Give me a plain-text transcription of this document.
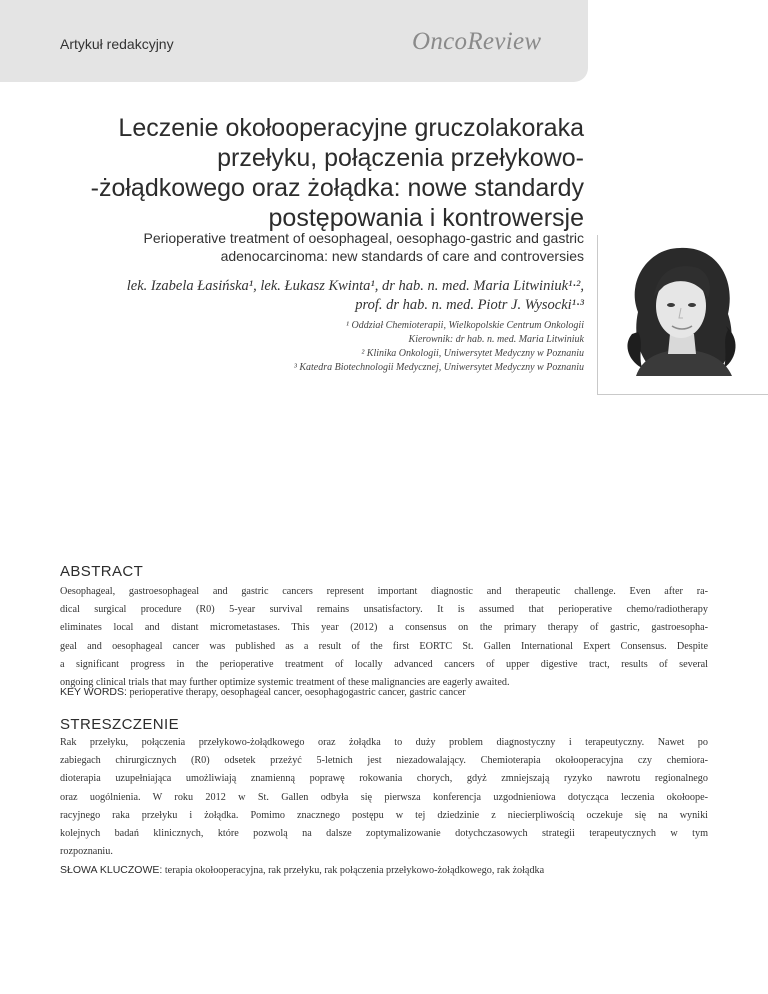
Artykuł redakcyjny	OncoReview
Leczenie okołooperacyjne gruczolakoraka
przełyku, połączenia przełykowo-
-żołądkowego oraz żołądka: nowe standardy
postępowania i kontrowersje
Perioperative treatment of oesophageal, oesophago-gastric and gastric
adenocarcinoma: new standards of care and controversies
lek. Izabela Łasińska¹, lek. Łukasz Kwinta¹, dr hab. n. med. Maria Litwiniuk¹·²,
prof. dr hab. n. med. Piotr J. Wysocki¹·³
¹ Oddział Chemioterapii, Wielkopolskie Centrum Onkologii
Kierownik: dr hab. n. med. Maria Litwiniuk
² Klinika Onkologii, Uniwersytet Medyczny w Poznaniu
³ Katedra Biotechnologii Medycznej, Uniwersytet Medyczny w Poznaniu
ABSTRACT
Oesophageal, gastroesophageal and gastric cancers represent important diagnostic and therapeutic challenge. Even after ra-
dical surgical procedure (R0) 5-year survival remains unsatisfactory. It is assumed that perioperative chemo/radiotherapy
eliminates local and distant micrometastases. This year (2012) a consensus on the primary therapy of gastric, gastroesopha-
geal and oesophageal cancer was published as a result of the first EORTC St. Gallen International Expert Consensus. Despite
a significant progress in the perioperative treatment of locally advanced cancers of upper digestive tract, results of several
ongoing clinical trials that may further optimize systemic treatment of these malignancies are eagerly awaited.
KEY WORDS: perioperative therapy, oesophageal cancer, oesophagogastric cancer, gastric cancer
STRESZCZENIE
Rak przełyku, połączenia przełykowo-żołądkowego oraz żołądka to duży problem diagnostyczny i terapeutyczny. Nawet po
zabiegach chirurgicznych (R0) odsetek przeżyć 5-letnich jest niezadowalający. Chemioterapia okołooperacyjna czy chemiora-
dioterapia uzupełniająca umożliwiają znamienną poprawę rokowania chorych, gdyż zmniejszają ryzyko nawrotu regionalnego
oraz uogólnienia. W roku 2012 w St. Gallen odbyła się pierwsza konferencja uzgodnieniowa dotycząca leczenia okołoope-
racyjnego raka przełyku i żołądka. Pomimo znacznego postępu w tej dziedzinie z niecierpliwością oczekuje się na wyniki
kolejnych badań klinicznych, które pozwolą na dalsze zoptymalizowanie dotychczasowych strategii terapeutycznych w tym
rozpoznaniu.
SŁOWA KLUCZOWE: terapia okołooperacyjna, rak przełyku, rak połączenia przełykowo-żołądkowego, rak żołądka
